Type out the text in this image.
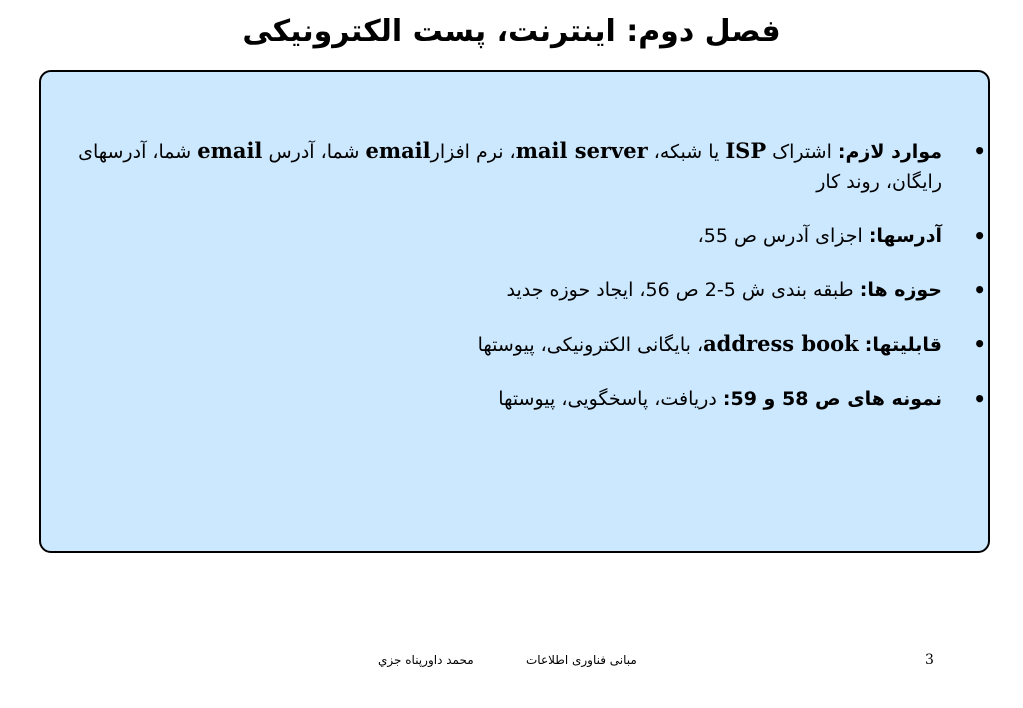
فصل دوم: اینترنت، پست الکترونیکی
•
موارد لازم: اشتراک ISP یا شبکه، mail server، نرم افزارemail شما، آدرس email شما، آدرسهای رایگان، روند کار
•
آدرسها: اجزای آدرس ص 55،
•
حوزه ها: طبقه بندی ش 5-2 ص 56، ایجاد حوزه جدید
•
قابلیتها: address book، بایگانی الکترونیکی، پیوستها
•
نمونه های ص 58 و 59: دریافت، پاسخگویی، پیوستها
3
مبانی فناوری اطلاعات
محمد داورپناه جزي
